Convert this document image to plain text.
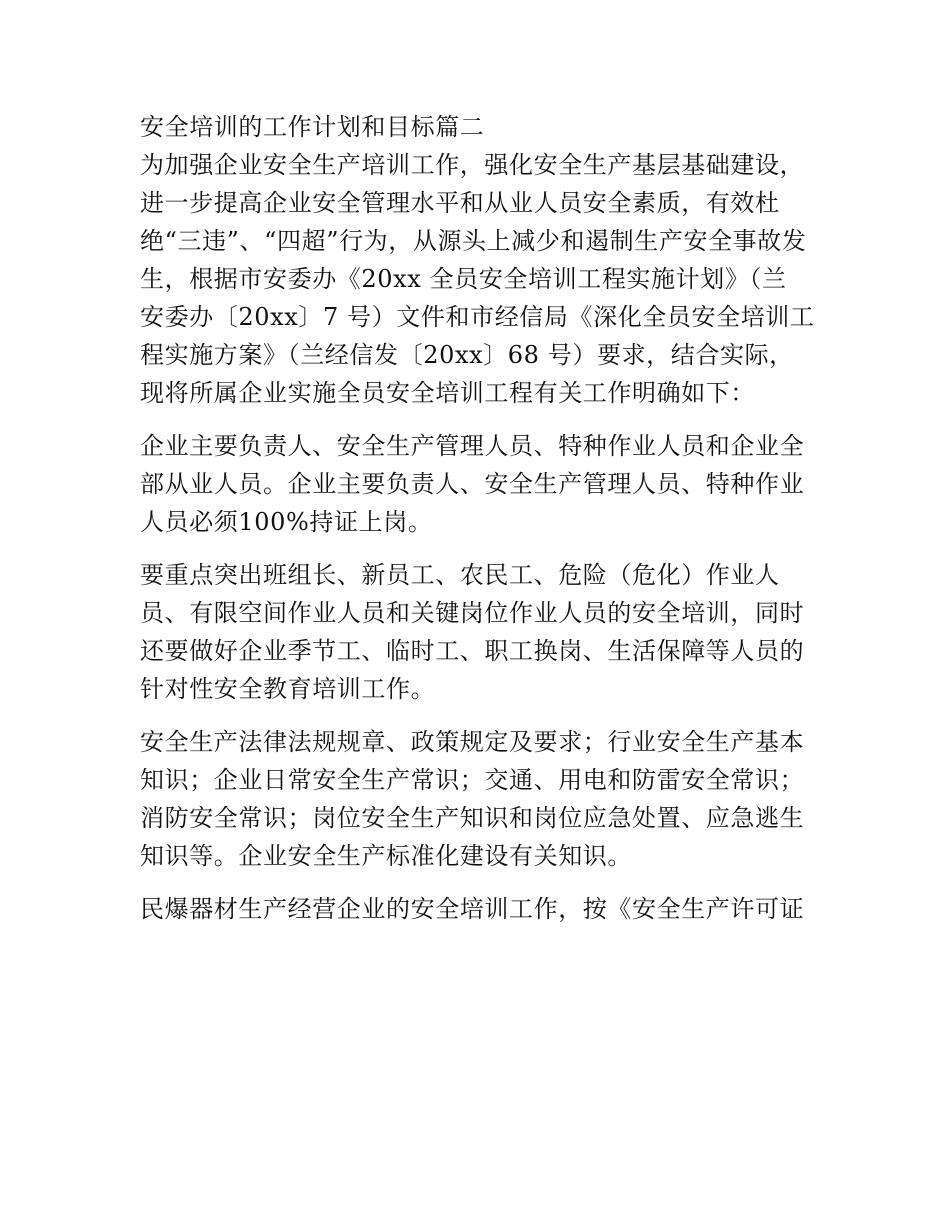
安全培训的工作计划和目标篇二
为加强企业安全生产培训工作，强化安全生产基层基础建设，
进一步提高企业安全管理水平和从业人员安全素质，有效杜
绝“三违”、“四超”行为，从源头上减少和遏制生产安全事故发
生，根据市安委办《20xx 全员安全培训工程实施计划》（兰
安委办〔20xx〕7 号）文件和市经信局《深化全员安全培训工
程实施方案》（兰经信发〔20xx〕68 号）要求，结合实际，
现将所属企业实施全员安全培训工程有关工作明确如下：
企业主要负责人、安全生产管理人员、特种作业人员和企业全
部从业人员。企业主要负责人、安全生产管理人员、特种作业
人员必须100%持证上岗。
要重点突出班组长、新员工、农民工、危险（危化）作业人
员、有限空间作业人员和关键岗位作业人员的安全培训，同时
还要做好企业季节工、临时工、职工换岗、生活保障等人员的
针对性安全教育培训工作。
安全生产法律法规规章、政策规定及要求；行业安全生产基本
知识；企业日常安全生产常识；交通、用电和防雷安全常识；
消防安全常识；岗位安全生产知识和岗位应急处置、应急逃生
知识等。企业安全生产标准化建设有关知识。
民爆器材生产经营企业的安全培训工作，按《安全生产许可证
